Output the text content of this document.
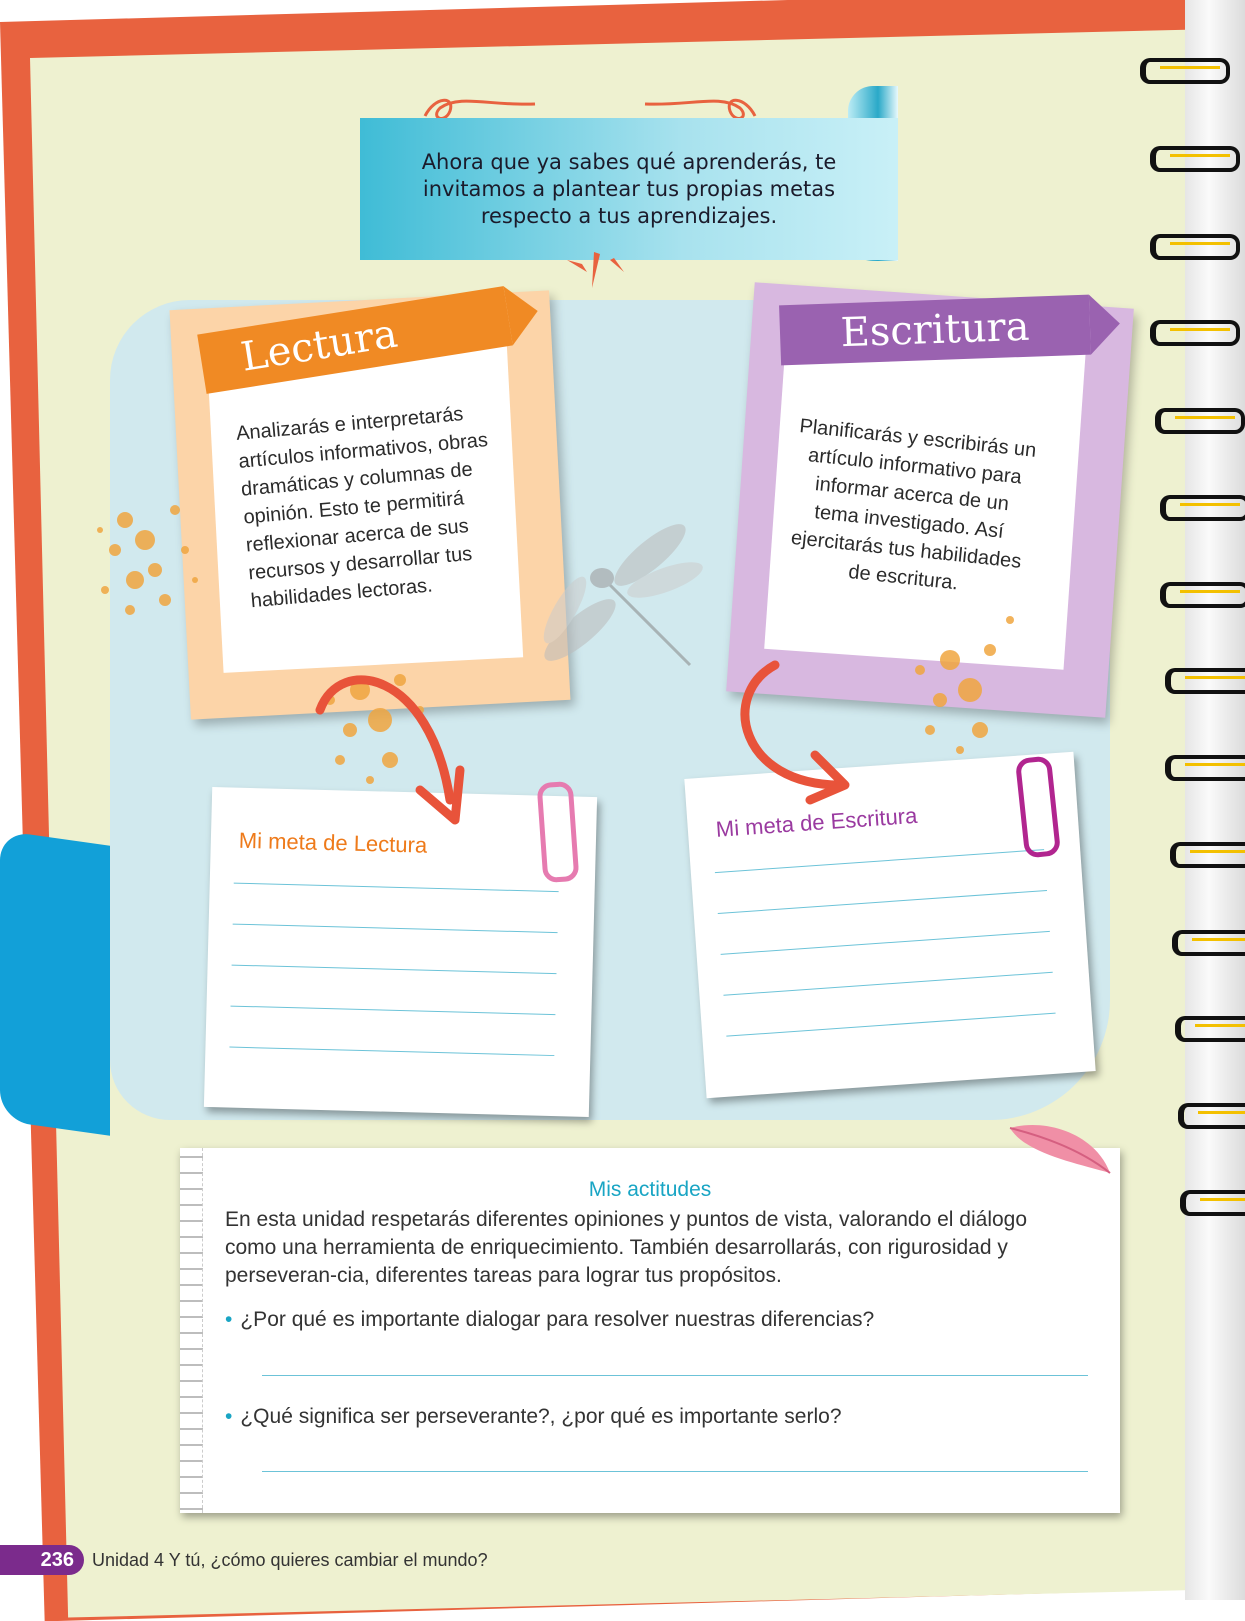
Ahora que ya sabes qué aprenderás, te invitamos a plantear tus propias metas respecto a tus aprendizajes.
Lectura
Analizarás e interpretarás artículos informativos, obras dramáticas y columnas de opinión. Esto te permitirá reflexionar acerca de sus recursos y desarrollar tus habilidades lectoras.
Escritura
Planificarás y escribirás un artículo informativo para informar acerca de un tema investigado. Así ejercitarás tus habilidades de escritura.
Mi meta de Lectura
Mi meta de Escritura
Mis actitudes
En esta unidad respetarás diferentes opiniones y puntos de vista, valorando el diálogo como una herramienta de enriquecimiento. También desarrollarás, con rigurosidad y perseveran-cia, diferentes tareas para lograr tus propósitos.
• ¿Por qué es importante dialogar para resolver nuestras diferencias?
• ¿Qué significa ser perseverante?, ¿por qué es importante serlo?
236	Unidad 4 Y tú, ¿cómo quieres cambiar el mundo?
